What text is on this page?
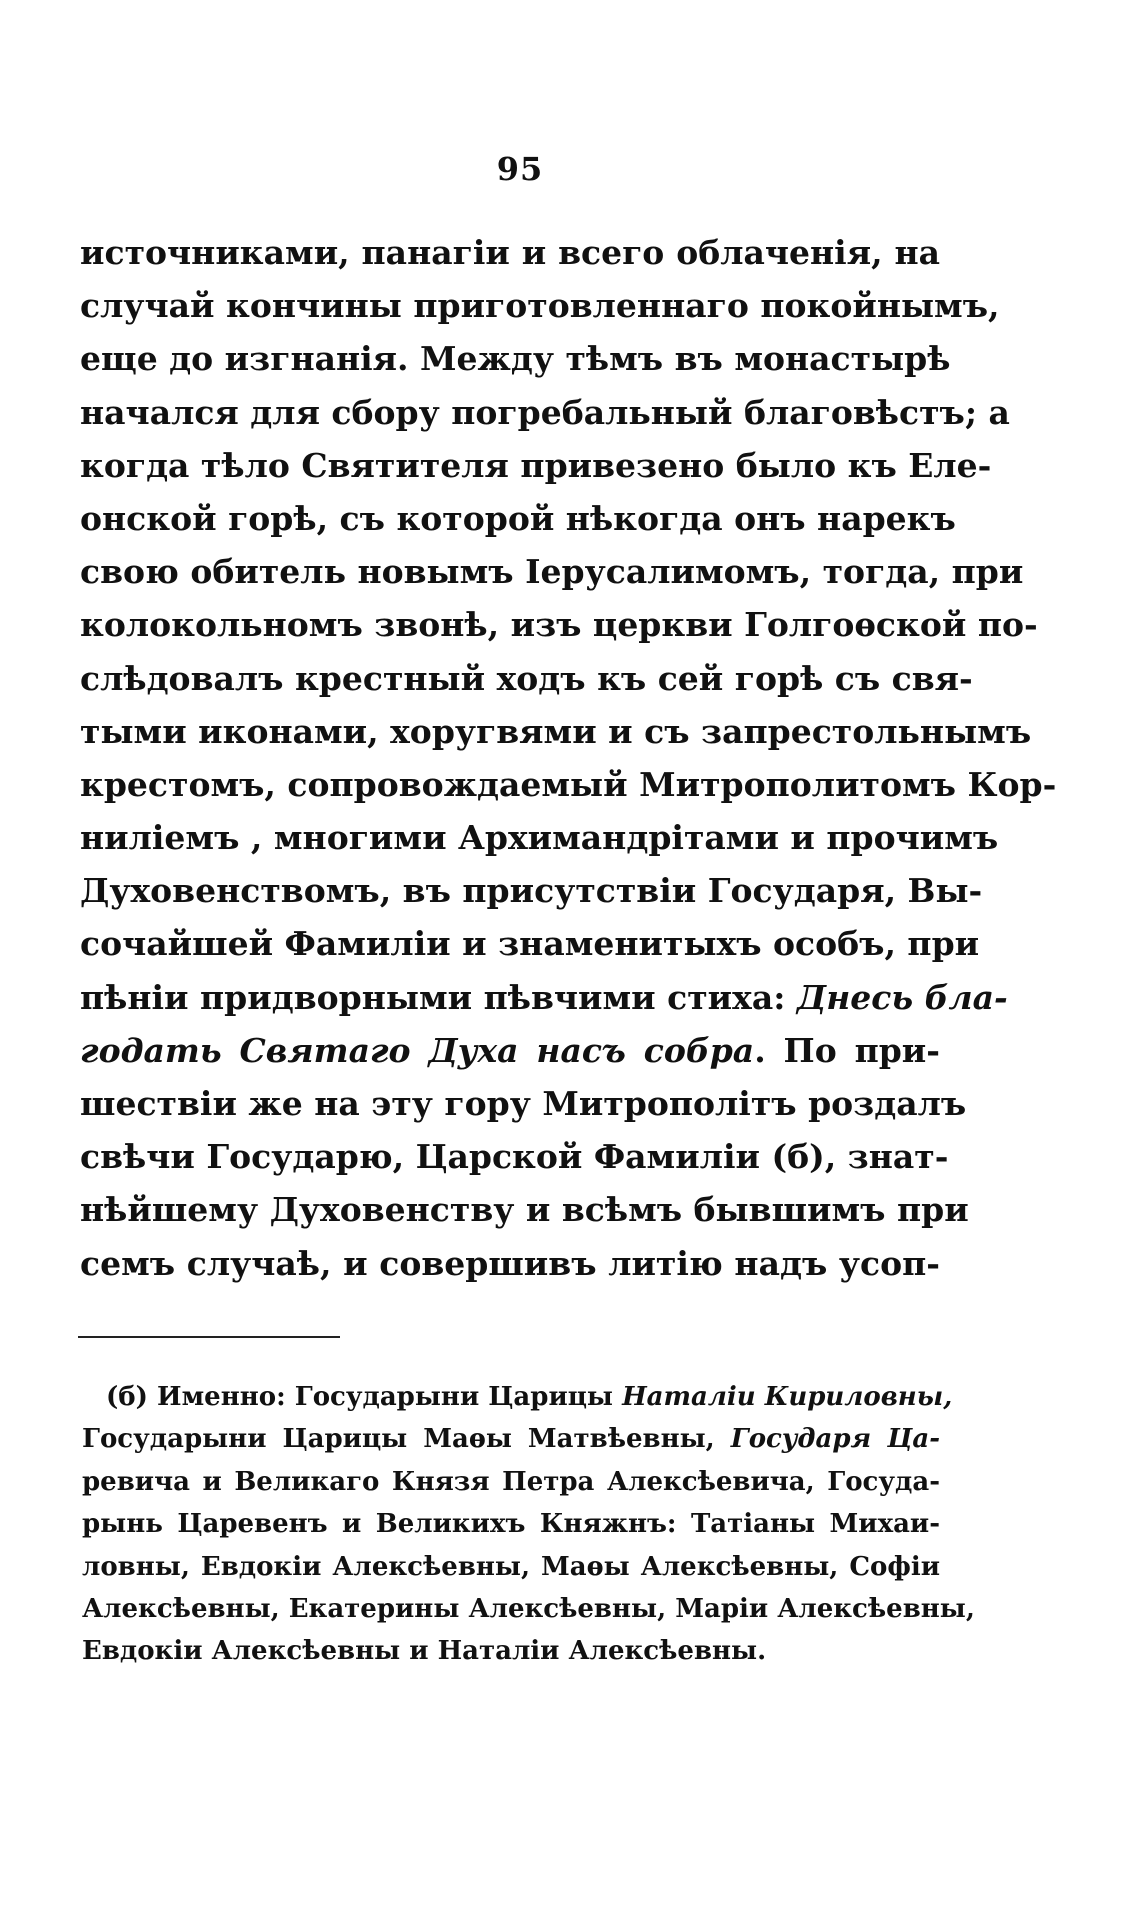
95
источниками, панагіи и всего облаченія, на
случай кончины приготовленнаго покойнымъ,
еще до изгнанія. Между тѣмъ въ монастырѣ
начался для сбору погребальный благовѣстъ; а
когда тѣло Святителя привезено было къ Еле-
онской горѣ, съ которой нѣкогда онъ нарекъ
свою обитель новымъ Іерусалимомъ, тогда, при
колокольномъ звонѣ, изъ церкви Голгоѳской по-
слѣдовалъ крестный ходъ къ сей горѣ съ свя-
тыми иконами, хоругвями и съ запрестольнымъ
крестомъ, сопровождаемый Митрополитомъ Кор-
ниліемъ , многими Архимандрітами и прочимъ
Духовенствомъ, въ присутствіи Государя, Вы-
сочайшей Фамиліи и знаменитыхъ особъ, при
пѣніи придворными пѣвчими стиха: Днесь бла-
годать Святаго Духа насъ собра. По при-
шествіи же на эту гору Митрополітъ роздалъ
свѣчи Государю, Царской Фамиліи (б), знат-
нѣйшему Духовенству и всѣмъ бывшимъ при
семъ случаѣ, и совершивъ литію надъ усоп-
(б) Именно: Государыни Царицы Наталіи Кириловны,
Государыни Царицы Маѳы Матвѣевны, Государя Ца-
ревича и Великаго Князя Петра Алексѣевича, Госуда-
рынь Царевенъ и Великихъ Княжнъ: Татіаны Михаи-
ловны, Евдокіи Алексѣевны, Маѳы Алексѣевны, Софіи
Алексѣевны, Екатерины Алексѣевны, Маріи Алексѣевны,
Евдокіи Алексѣевны и Наталіи Алексѣевны.
